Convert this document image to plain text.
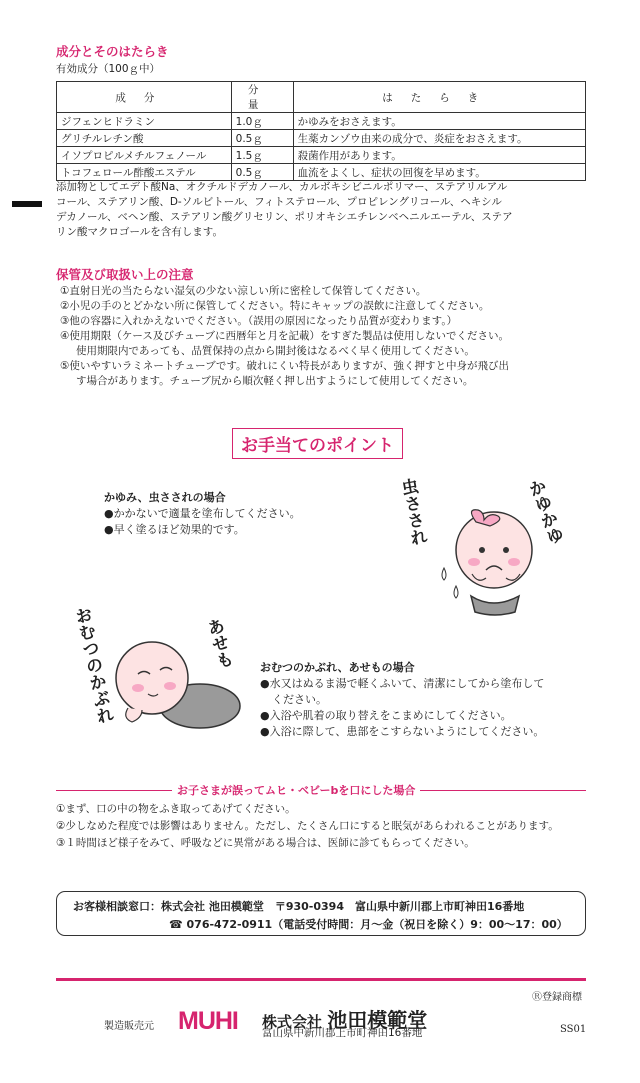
成分とそのはたらき
有効成分（100ｇ中）
成分	分量	はたらき
ジフェンヒドラミン	1.0ｇ	かゆみをおさえます。
グリチルレチン酸	0.5ｇ	生薬カンゾウ由来の成分で、炎症をおさえます。
イソプロピルメチルフェノール	1.5ｇ	殺菌作用があります。
トコフェロール酢酸エステル	0.5ｇ	血流をよくし、症状の回復を早めます。
添加物としてエデト酸Na、オクチルドデカノール、カルボキシビニルポリマー、ステアリルアル
コール、ステアリン酸、D-ソルビトール、フィトステロール、プロピレングリコール、ヘキシル
デカノール、ベヘン酸、ステアリン酸グリセリン、ポリオキシエチレンベヘニルエーテル、ステア
リン酸マクロゴールを含有します。
保管及び取扱い上の注意
①直射日光の当たらない湿気の少ない涼しい所に密栓して保管してください。
②小児の手のとどかない所に保管してください。特にキャップの誤飲に注意してください。
③他の容器に入れかえないでください。（誤用の原因になったり品質が変わります。）
④使用期限（ケース及びチューブに西暦年と月を記載）をすぎた製品は使用しないでください。
使用期限内であっても、品質保持の点から開封後はなるべく早く使用してください。
⑤使いやすいラミネートチューブです。破れにくい特長がありますが、強く押すと中身が飛び出
す場合があります。チューブ尻から順次軽く押し出すようにして使用してください。
お手当てのポイント
かゆみ、虫さされの場合
●かかないで適量を塗布してください。
●早く塗るほど効果的です。	かゆかゆ
虫さされ
あせも
おむつのかぶれ	おむつのかぶれ、あせもの場合
●水又はぬるま湯で軽くふいて、清潔にしてから塗布して
ください。
●入浴や肌着の取り替えをこまめにしてください。
●入浴に際して、患部をこすらないようにしてください。
お子さまが誤ってムヒ・ベビーbを口にした場合
①まず、口の中の物をふき取ってあげてください。
②少しなめた程度では影響はありません。ただし、たくさん口にすると眠気があらわれることがあります。
③１時間ほど様子をみて、呼吸などに異常がある場合は、医師に診てもらってください。
お客様相談窓口：株式会社 池田模範堂　〒930-0394　富山県中新川郡上市町神田16番地
☎ 076-472-0911（電話受付時間：月～金（祝日を除く）9：00～17：00）
Ⓡ登録商標
製造販売元 MUHI 株式会社 池田模範堂
富山県中新川郡上市町神田16番地	SS01
